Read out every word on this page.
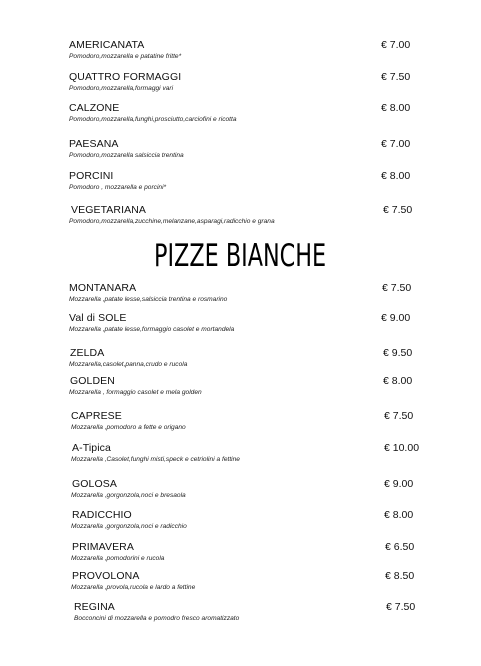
AMERICANATA
Pomodoro,mozzarella e patatine fritte*
€ 7.00
QUATTRO FORMAGGI
Pomodoro,mozzarella,formaggi vari
€ 7.50
CALZONE
Pomodoro,mozzarella,funghi,prosciutto,carciofini e ricotta
€ 8.00
PAESANA
Pomodoro,mozzarella salsiccia trentina
€ 7.00
PORCINI
Pomodoro , mozzarella e porcini*
€ 8.00
VEGETARIANA
Pomodoro,mozzarella,zucchine,melanzane,asparagi,radicchio e grana
€ 7.50
PIZZE BIANCHE
MONTANARA
Mozzarella ,patate lesse,salsiccia trentina e rosmarino
€ 7.50
Val di SOLE
Mozzarella ,patate lesse,formaggio casolet e mortandela
€ 9.00
ZELDA
Mozzarella,casolet,panna,crudo e rucola
€ 9.50
GOLDEN
Mozzarella , formaggio casolet e mela golden
€ 8.00
CAPRESE
Mozzarella ,pomodoro a fette e origano
€ 7.50
A-Tipica
Mozzarella ,Casolet,funghi misti,speck e cetriolini a fettine
€ 10.00
GOLOSA
Mozzarella ,gorgonzola,noci e bresaola
€ 9.00
RADICCHIO
Mozzarella ,gorgonzola,noci e radicchio
€ 8.00
PRIMAVERA
Mozzarella ,pomodorini e rucola
€ 6.50
PROVOLONA
Mozzarella ,provola,rucola e lardo a fettine
€ 8.50
REGINA
Bocconcini di mozzarella e pomodro fresco aromatizzato
€ 7.50
